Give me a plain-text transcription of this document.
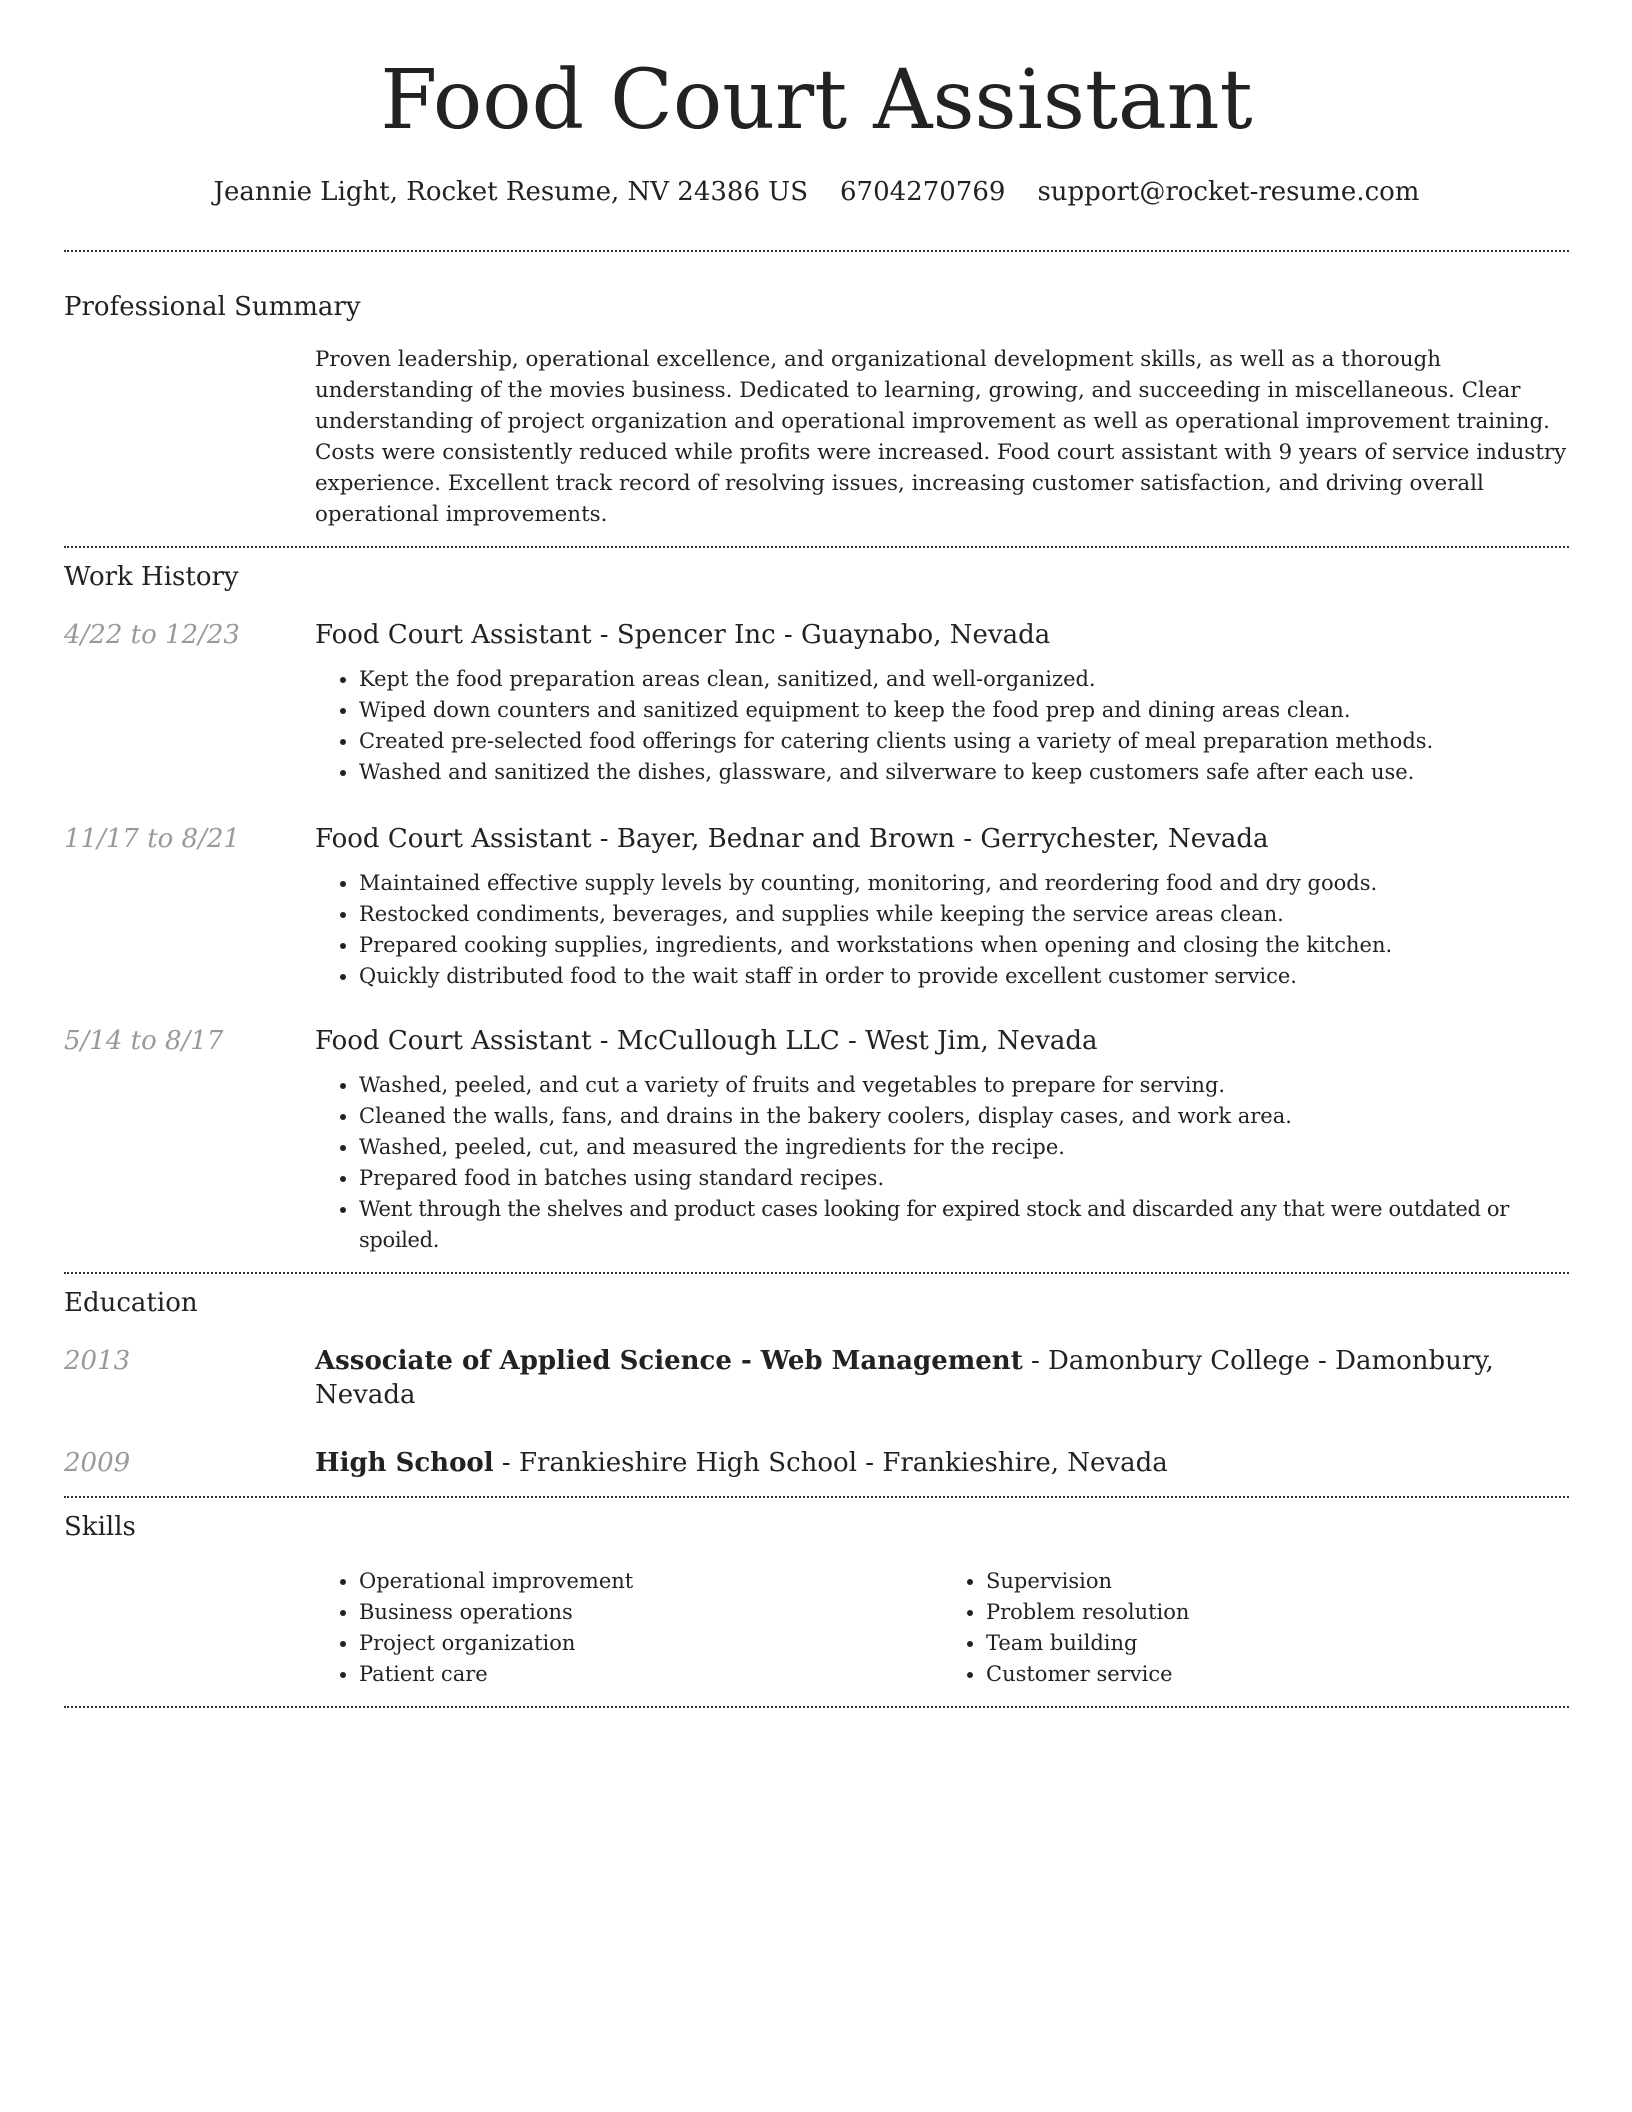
Food Court Assistant
Jeannie Light, Rocket Resume, NV 24386 US 6704270769 support@rocket-resume.com
Professional Summary

Proven leadership, operational excellence, and organizational development skills, as well as a thorough understanding of the movies business. Dedicated to learning, growing, and succeeding in miscellaneous. Clear understanding of project organization and operational improvement as well as operational improvement training. Costs were consistently reduced while profits were increased. Food court assistant with 9 years of service industry experience. Excellent track record of resolving issues, increasing customer satisfaction, and driving overall operational improvements.

Work History
4/22 to 12/23	Food Court Assistant - Spencer Inc - Guaynabo, Nevada
• Kept the food preparation areas clean, sanitized, and well-organized.
• Wiped down counters and sanitized equipment to keep the food prep and dining areas clean.
• Created pre-selected food offerings for catering clients using a variety of meal preparation methods.
• Washed and sanitized the dishes, glassware, and silverware to keep customers safe after each use.
11/17 to 8/21	Food Court Assistant - Bayer, Bednar and Brown - Gerrychester, Nevada
• Maintained effective supply levels by counting, monitoring, and reordering food and dry goods.
• Restocked condiments, beverages, and supplies while keeping the service areas clean.
• Prepared cooking supplies, ingredients, and workstations when opening and closing the kitchen.
• Quickly distributed food to the wait staff in order to provide excellent customer service.
5/14 to 8/17	Food Court Assistant - McCullough LLC - West Jim, Nevada
• Washed, peeled, and cut a variety of fruits and vegetables to prepare for serving.
• Cleaned the walls, fans, and drains in the bakery coolers, display cases, and work area.
• Washed, peeled, cut, and measured the ingredients for the recipe.
• Prepared food in batches using standard recipes.
• Went through the shelves and product cases looking for expired stock and discarded any that were outdated or spoiled.
Education
2013	Associate of Applied Science - Web Management - Damonbury College - Damonbury, Nevada
2009	High School - Frankieshire High School - Frankieshire, Nevada
Skills
• Operational improvement
• Business operations
• Project organization
• Patient care
• Supervision
• Problem resolution
• Team building
• Customer service
